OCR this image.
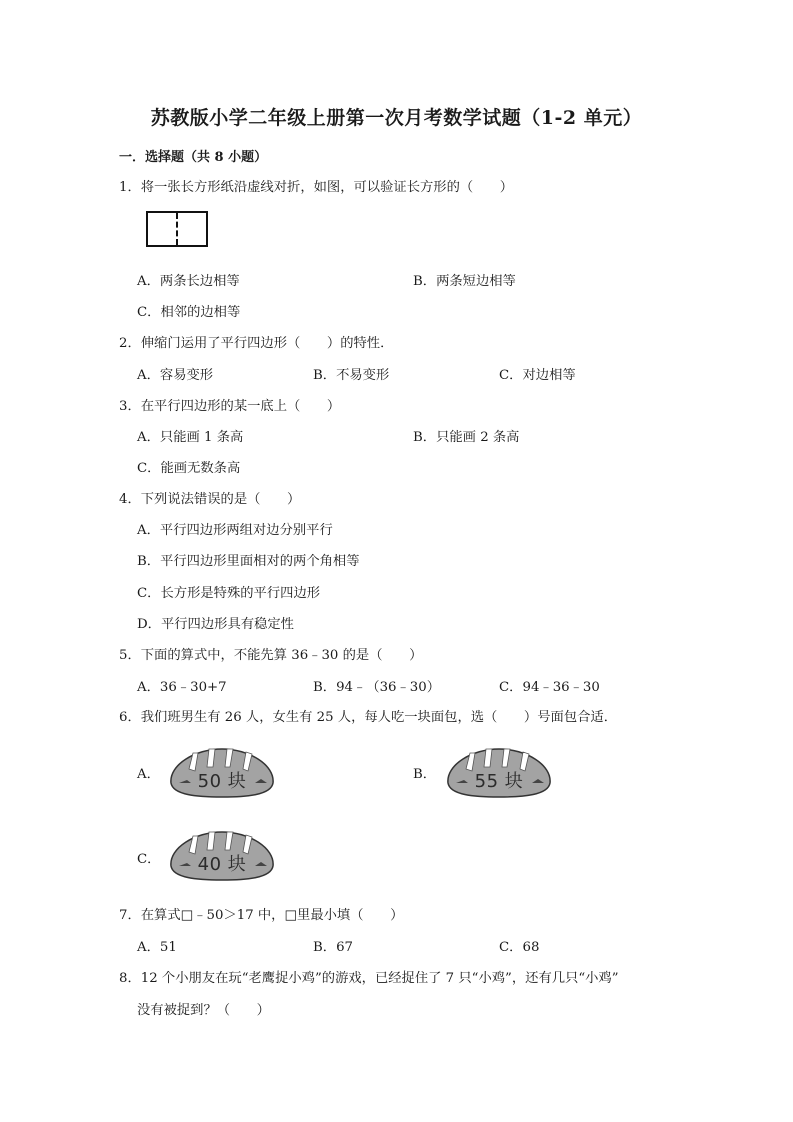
苏教版小学二年级上册第一次月考数学试题（1-2 单元）
一．选择题（共 8 小题）
1．将一张长方形纸沿虚线对折，如图，可以验证长方形的（　　）
A．两条长边相等	B．两条短边相等
C．相邻的边相等
2．伸缩门运用了平行四边形（　　）的特性．
A．容易变形	B．不易变形	C．对边相等
3．在平行四边形的某一底上（　　）
A．只能画 1 条高	B．只能画 2 条高
C．能画无数条高
4．下列说法错误的是（　　）
A．平行四边形两组对边分别平行
B．平行四边形里面相对的两个角相等
C．长方形是特殊的平行四边形
D．平行四边形具有稳定性
5．下面的算式中，不能先算 36﹣30 的是（　　）
A．36﹣30+7	B．94﹣（36﹣30）	C．94﹣36﹣30
6．我们班男生有 26 人，女生有 25 人，每人吃一块面包，选（　　）号面包合适．
A．	50 块	B．	55 块
C．	40 块
7．在算式□﹣50＞17 中，□里最小填（　　）
A．51	B．67	C．68
8．12 个小朋友在玩“老鹰捉小鸡”的游戏，已经捉住了 7 只“小鸡”，还有几只“小鸡”
没有被捉到？（　　）
